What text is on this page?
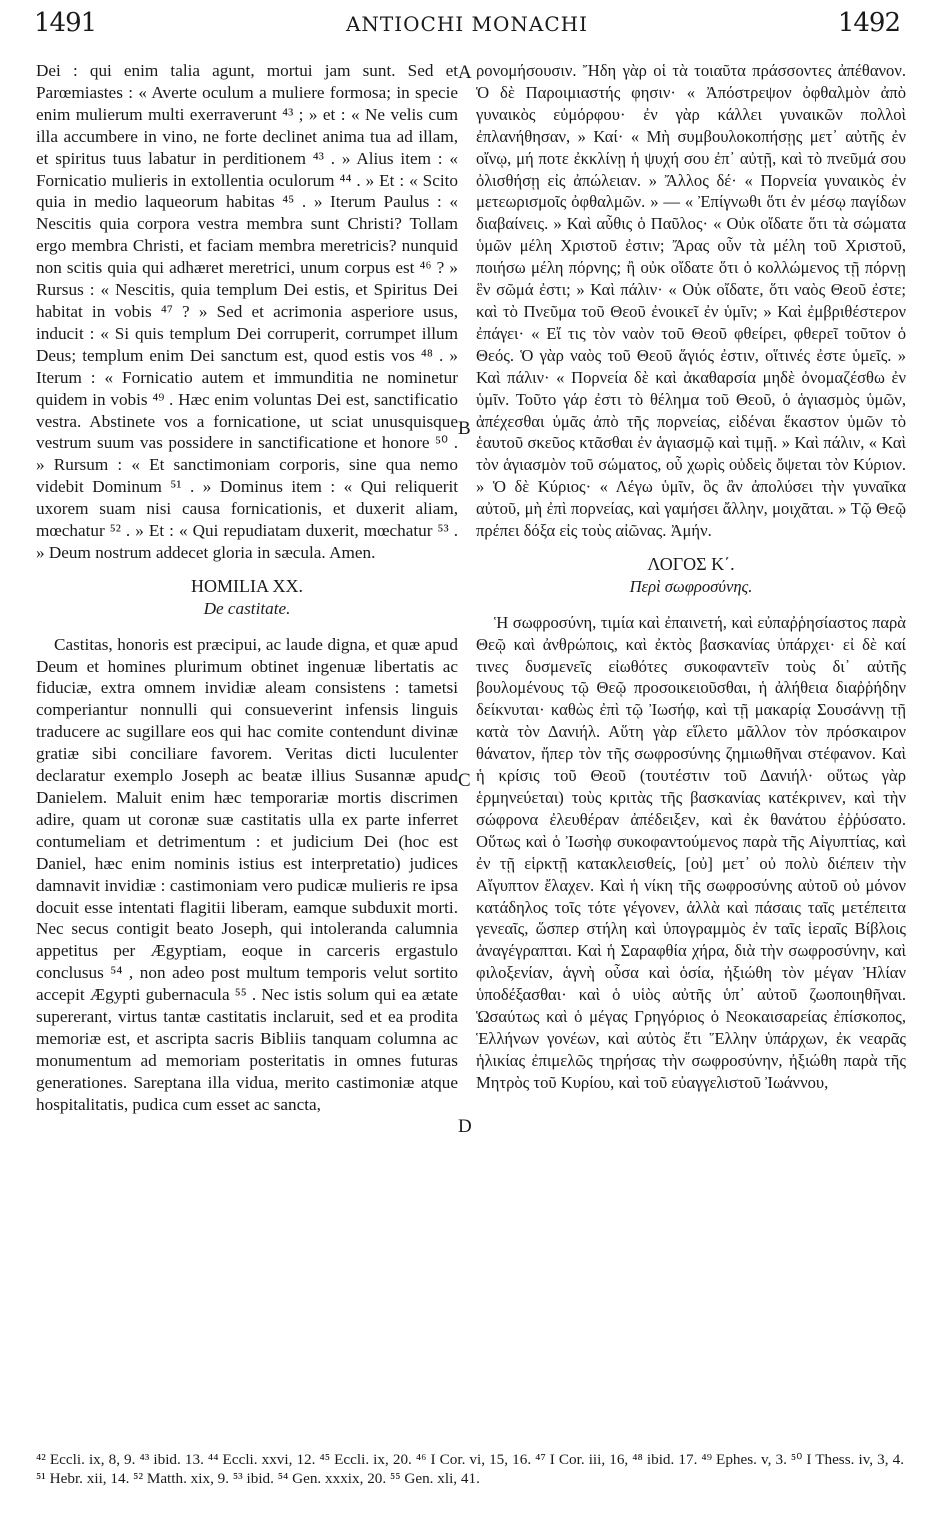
1491	ANTIOCHI MONACHI	1492

Dei : qui enim talia agunt, mortui jam sunt. Sed et Parœmiastes : « Averte oculum a muliere formosa; in specie enim mulierum multi exerraverunt ⁴³ ; » et : « Ne velis cum illa accumbere in vino, ne forte declinet anima tua ad illam, et spiritus tuus labatur in perditionem ⁴³ . » Alius item : « Fornicatio mulieris in extollentia oculorum ⁴⁴ . » Et : « Scito quia in medio laqueorum habitas ⁴⁵ . » Iterum Paulus : « Nescitis quia corpora vestra membra sunt Christi? Tollam ergo membra Christi, et faciam membra meretricis? nunquid non scitis quia qui adhæret meretrici, unum corpus est ⁴⁶ ? » Rursus : « Nescitis, quia templum Dei estis, et Spiritus Dei habitat in vobis ⁴⁷ ? » Sed et acrimonia asperiore usus, inducit : « Si quis templum Dei corruperit, corrumpet illum Deus; templum enim Dei sanctum est, quod estis vos ⁴⁸ . » Iterum : « Fornicatio autem et immunditia ne nominetur quidem in vobis ⁴⁹ . Hæc enim voluntas Dei est, sanctificatio vestra. Abstinete vos a fornicatione, ut sciat unusquisque vestrum suum vas possidere in sanctificatione et honore ⁵⁰ . » Rursum : « Et sanctimoniam corporis, sine qua nemo videbit Dominum ⁵¹ . » Dominus item : « Qui reliquerit uxorem suam nisi causa fornicationis, et duxerit aliam, mœchatur ⁵² . » Et : « Qui repudiatam duxerit, mœchatur ⁵³ . » Deum nostrum addecet gloria in sæcula. Amen.

HOMILIA XX.

De castitate.

Castitas, honoris est præcipui, ac laude digna, et quæ apud Deum et homines plurimum obtinet ingenuæ libertatis ac fiduciæ, extra omnem invidiæ aleam consistens : tametsi comperiantur nonnulli qui consueverint infensis linguis traducere ac sugillare eos qui hac comite contendunt divinæ gratiæ sibi conciliare favorem. Veritas dicti luculenter declaratur exemplo Joseph ac beatæ illius Susannæ apud Danielem. Maluit enim hæc temporariæ mortis discrimen adire, quam ut coronæ suæ castitatis ulla ex parte inferret contumeliam et detrimentum : et judicium Dei (hoc est Daniel, hæc enim nominis istius est interpretatio) judices damnavit invidiæ : castimoniam vero pudicæ mulieris re ipsa docuit esse intentati flagitii liberam, eamque subduxit morti. Nec secus contigit beato Joseph, qui intoleranda calumnia appetitus per Ægyptiam, eoque in carceris ergastulo conclusus ⁵⁴ , non adeo post multum temporis velut sortito accepit Ægypti gubernacula ⁵⁵ . Nec istis solum qui ea ætate supererant, virtus tantæ castitatis inclaruit, sed et ea prodita memoriæ est, et ascripta sacris Bibliis tanquam columna ac monumentum ad memoriam posteritatis in omnes futuras generationes. Sareptana illa vidua, merito castimoniæ atque hospitalitatis, pudica cum esset ac sancta,

ρονομήσουσιν. Ἤδη γὰρ οἱ τὰ τοιαῦτα πράσσοντες ἀπέθανον. Ὁ δὲ Παροιμιαστής φησιν· « Ἀπόστρεψον ὀφθαλμὸν ἀπὸ γυναικὸς εὐμόρφου· ἐν γὰρ κάλλει γυναικῶν πολλοὶ ἐπλανήθησαν, » Καί· « Μὴ συμβουλοκοπήσῃς μετ᾽ αὐτῆς ἐν οἴνῳ, μή ποτε ἐκκλίνῃ ἡ ψυχή σου ἐπ᾽ αὐτῇ, καὶ τὸ πνεῦμά σου ὀλισθήσῃ εἰς ἀπώλειαν. » Ἄλλος δέ· « Πορνεία γυναικὸς ἐν μετεωρισμοῖς ὀφθαλμῶν. » — « Ἐπίγνωθι ὅτι ἐν μέσῳ παγίδων διαβαίνεις. » Καὶ αὖθις ὁ Παῦλος· « Οὐκ οἴδατε ὅτι τὰ σώματα ὑμῶν μέλη Χριστοῦ ἐστιν; Ἄρας οὖν τὰ μέλη τοῦ Χριστοῦ, ποιήσω μέλη πόρνης; ἢ οὐκ οἴδατε ὅτι ὁ κολλώμενος τῇ πόρνῃ ἓν σῶμά ἐστι; » Καὶ πάλιν· « Οὐκ οἴδατε, ὅτι ναὸς Θεοῦ ἐστε; καὶ τὸ Πνεῦμα τοῦ Θεοῦ ἐνοικεῖ ἐν ὑμῖν; » Καὶ ἐμβριθέστερον ἐπάγει· « Εἴ τις τὸν ναὸν τοῦ Θεοῦ φθείρει, φθερεῖ τοῦτον ὁ Θεός. Ὁ γὰρ ναὸς τοῦ Θεοῦ ἅγιός ἐστιν, οἵτινές ἐστε ὑμεῖς. » Καὶ πάλιν· « Πορνεία δὲ καὶ ἀκαθαρσία μηδὲ ὀνομαζέσθω ἐν ὑμῖν. Τοῦτο γάρ ἐστι τὸ θέλημα τοῦ Θεοῦ, ὁ ἁγιασμὸς ὑμῶν, ἀπέχεσθαι ὑμᾶς ἀπὸ τῆς πορνείας, εἰδέναι ἕκαστον ὑμῶν τὸ ἑαυτοῦ σκεῦος κτᾶσθαι ἐν ἁγιασμῷ καὶ τιμῇ. » Καὶ πάλιν, « Καὶ τὸν ἁγιασμὸν τοῦ σώματος, οὗ χωρὶς οὐδεὶς ὄψεται τὸν Κύριον. » Ὁ δὲ Κύριος· « Λέγω ὑμῖν, ὃς ἂν ἀπολύσει τὴν γυναῖκα αὐτοῦ, μὴ ἐπὶ πορνείας, καὶ γαμήσει ἄλλην, μοιχᾶται. » Τῷ Θεῷ πρέπει δόξα εἰς τοὺς αἰῶνας. Ἀμήν.

ΛΟΓΟΣ Κ΄.

Περὶ σωφροσύνης.

Ἡ σωφροσύνη, τιμία καὶ ἐπαινετή, καὶ εὐπαῤῥησίαστος παρὰ Θεῷ καὶ ἀνθρώποις, καὶ ἐκτὸς βασκανίας ὑπάρχει· εἰ δὲ καί τινες δυσμενεῖς εἰωθότες συκοφαντεῖν τοὺς δι᾽ αὐτῆς βουλομένους τῷ Θεῷ προσοικειοῦσθαι, ἡ ἀλήθεια διαῤῥήδην δείκνυται· καθὼς ἐπὶ τῷ Ἰωσήφ, καὶ τῇ μακαρίᾳ Σουσάννῃ τῇ κατὰ τὸν Δανιήλ. Αὕτη γὰρ εἵλετο μᾶλλον τὸν πρόσκαιρον θάνατον, ἤπερ τὸν τῆς σωφροσύνης ζημιωθῆναι στέφανον. Καὶ ἡ κρίσις τοῦ Θεοῦ (τουτέστιν τοῦ Δανιήλ· οὕτως γὰρ ἑρμηνεύεται) τοὺς κριτὰς τῆς βασκανίας κατέκρινεν, καὶ τὴν σώφρονα ἐλευθέραν ἀπέδειξεν, καὶ ἐκ θανάτου ἐῤῥύσατο. Οὕτως καὶ ὁ Ἰωσὴφ συκοφαντούμενος παρὰ τῆς Αἰγυπτίας, καὶ ἐν τῇ εἱρκτῇ κατακλεισθείς, [οὐ] μετ᾽ οὐ πολὺ διέπειν τὴν Αἴγυπτον ἔλαχεν. Καὶ ἡ νίκη τῆς σωφροσύνης αὐτοῦ οὐ μόνον κατάδηλος τοῖς τότε γέγονεν, ἀλλὰ καὶ πάσαις ταῖς μετέπειτα γενεαῖς, ὥσπερ στήλη καὶ ὑπογραμμὸς ἐν ταῖς ἱεραῖς Βίβλοις ἀναγέγραπται. Καὶ ἡ Σαραφθία χήρα, διὰ τὴν σωφροσύνην, καὶ φιλοξενίαν, ἁγνὴ οὖσα καὶ ὁσία, ἠξιώθη τὸν μέγαν Ἠλίαν ὑποδέξασθαι· καὶ ὁ υἱὸς αὐτῆς ὑπ᾽ αὐτοῦ ζωοποιηθῆναι. Ὡσαύτως καὶ ὁ μέγας Γρηγόριος ὁ Νεοκαισαρείας ἐπίσκοπος, Ἑλλήνων γονέων, καὶ αὐτὸς ἔτι Ἕλλην ὑπάρχων, ἐκ νεαρᾶς ἡλικίας ἐπιμελῶς τηρήσας τὴν σωφροσύνην, ἠξιώθη παρὰ τῆς Μητρὸς τοῦ Κυρίου, καὶ τοῦ εὐαγγελιστοῦ Ἰωάννου,

A
B
C
D
⁴² Eccli. ix, 8, 9. ⁴³ ibid. 13. ⁴⁴ Eccli. xxvi, 12. ⁴⁵ Eccli. ix, 20. ⁴⁶ I Cor. vi, 15, 16. ⁴⁷ I Cor. iii, 16, ⁴⁸ ibid. 17. ⁴⁹ Ephes. v, 3. ⁵⁰ I Thess. iv, 3, 4. ⁵¹ Hebr. xii, 14. ⁵² Matth. xix, 9. ⁵³ ibid. ⁵⁴ Gen. xxxix, 20. ⁵⁵ Gen. xli, 41.
